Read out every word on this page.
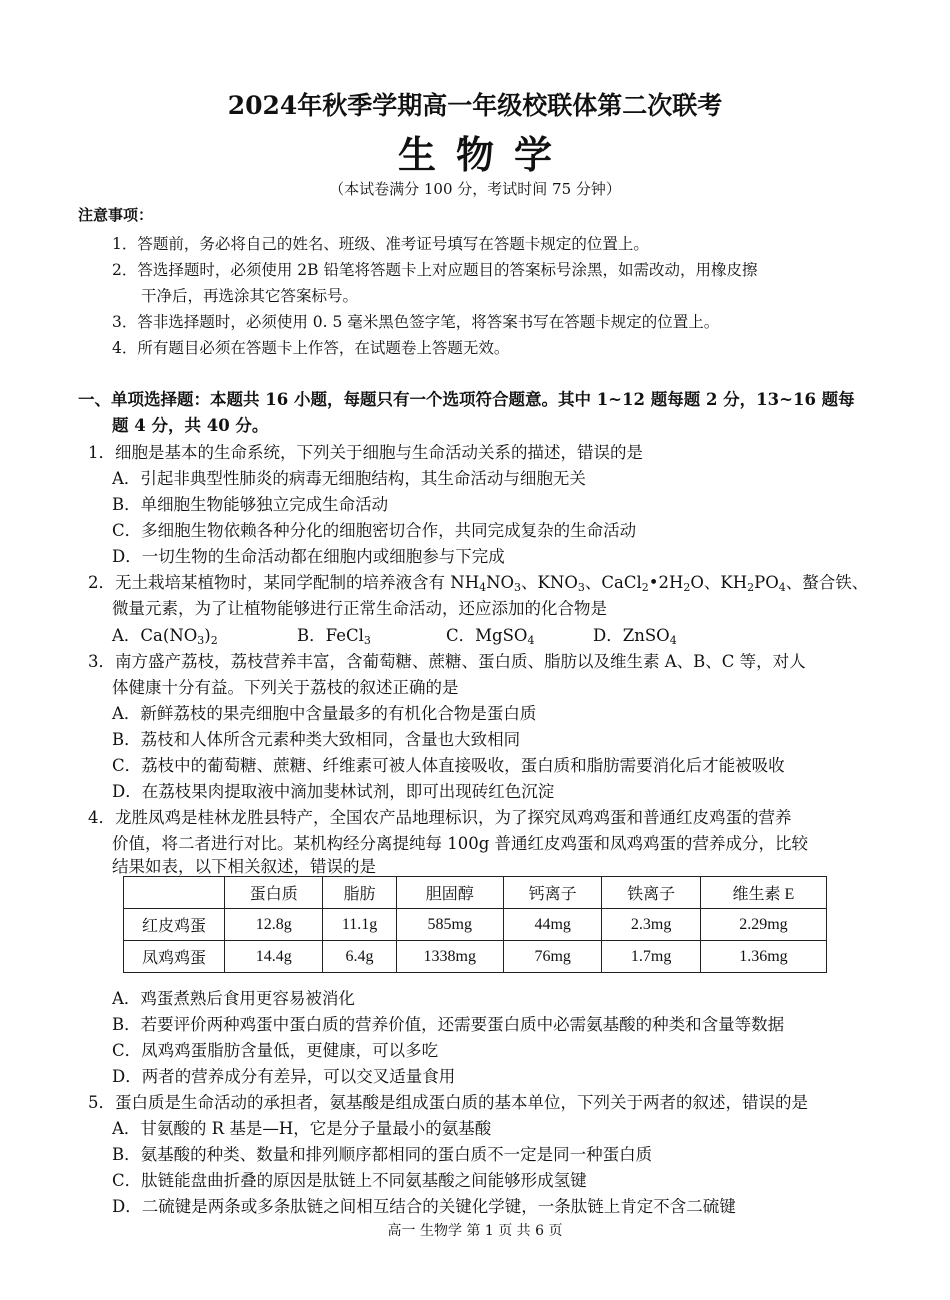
2024年秋季学期高一年级校联体第二次联考
生物学
（本试卷满分 100 分，考试时间 75 分钟）
注意事项：
1．答题前，务必将自己的姓名、班级、准考证号填写在答题卡规定的位置上。
2．答选择题时，必须使用 2B 铅笔将答题卡上对应题目的答案标号涂黑，如需改动，用橡皮擦
干净后，再选涂其它答案标号。
3．答非选择题时，必须使用 0. 5 毫米黑色签字笔，将答案书写在答题卡规定的位置上。
4．所有题目必须在答题卡上作答，在试题卷上答题无效。
一、单项选择题：本题共 16 小题，每题只有一个选项符合题意。其中 1~12 题每题 2 分，13~16 题每
题 4 分，共 40 分。
1．细胞是基本的生命系统，下列关于细胞与生命活动关系的描述，错误的是
A．引起非典型性肺炎的病毒无细胞结构，其生命活动与细胞无关
B．单细胞生物能够独立完成生命活动
C．多细胞生物依赖各种分化的细胞密切合作，共同完成复杂的生命活动
D．一切生物的生命活动都在细胞内或细胞参与下完成
2．无土栽培某植物时，某同学配制的培养液含有 $NH_4NO_3$、$KNO_3$、$CaCl_2•2H_2O$、$KH_2PO_4$、螯合铁、
微量元素，为了让植物能够进行正常生命活动，还应添加的化合物是
A．$Ca(NO_3)_2$	B．FeCl$_3$	C．MgSO$_4$	D．ZnSO$_4$
3．南方盛产荔枝，荔枝营养丰富，含葡萄糖、蔗糖、蛋白质、脂肪以及维生素 A、B、C 等，对人
体健康十分有益。下列关于荔枝的叙述正确的是
A．新鲜荔枝的果壳细胞中含量最多的有机化合物是蛋白质
B．荔枝和人体所含元素种类大致相同，含量也大致相同
C．荔枝中的葡萄糖、蔗糖、纤维素可被人体直接吸收，蛋白质和脂肪需要消化后才能被吸收
D．在荔枝果肉提取液中滴加斐林试剂，即可出现砖红色沉淀
4．龙胜凤鸡是桂林龙胜县特产，全国农产品地理标识，为了探究凤鸡鸡蛋和普通红皮鸡蛋的营养
价值，将二者进行对比。某机构经分离提纯每 100g 普通红皮鸡蛋和凤鸡鸡蛋的营养成分，比较
结果如表，以下相关叙述，错误的是
	蛋白质	脂肪	胆固醇	钙离子	铁离子	维生素 E
红皮鸡蛋	12.8g	11.1g	585mg	44mg	2.3mg	2.29mg
凤鸡鸡蛋	14.4g	6.4g	1338mg	76mg	1.7mg	1.36mg
A．鸡蛋煮熟后食用更容易被消化
B．若要评价两种鸡蛋中蛋白质的营养价值，还需要蛋白质中必需氨基酸的种类和含量等数据
C．凤鸡鸡蛋脂肪含量低，更健康，可以多吃
D．两者的营养成分有差异，可以交叉适量食用
5．蛋白质是生命活动的承担者，氨基酸是组成蛋白质的基本单位，下列关于两者的叙述，错误的是
A．甘氨酸的 R 基是—H，它是分子量最小的氨基酸
B．氨基酸的种类、数量和排列顺序都相同的蛋白质不一定是同一种蛋白质
C．肽链能盘曲折叠的原因是肽链上不同氨基酸之间能够形成氢键
D．二硫键是两条或多条肽链之间相互结合的关键化学键，一条肽链上肯定不含二硫键
高一 生物学 第 1 页 共 6 页
